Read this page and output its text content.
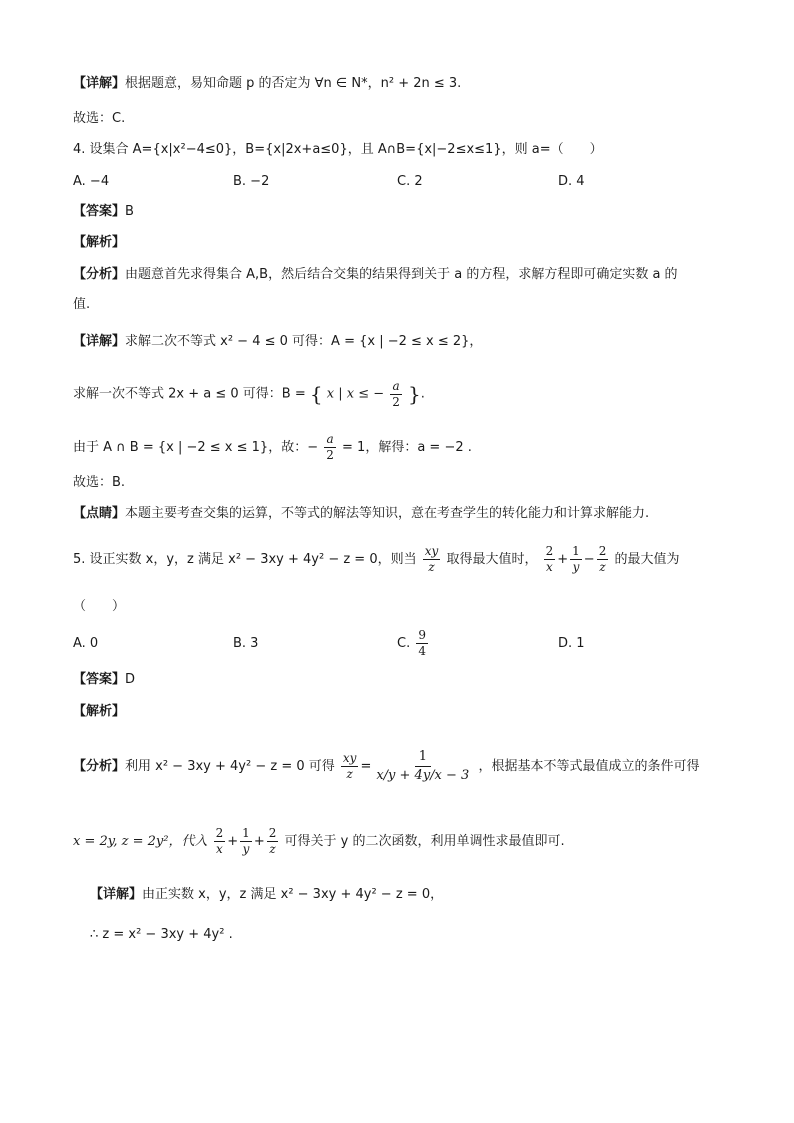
【详解】根据题意，易知命题 p 的否定为 ∀n ∈ N*，n² + 2n ≤ 3.
故选：C.
4. 设集合 A={x|x²−4≤0}，B={x|2x+a≤0}，且 A∩B={x|−2≤x≤1}，则 a=（　　）
A. −4	B. −2	C. 2	D. 4
【答案】B
【解析】
【分析】由题意首先求得集合 A,B，然后结合交集的结果得到关于 a 的方程，求解方程即可确定实数 a 的
值.
【详解】求解二次不等式 x² − 4 ≤ 0 可得：A = {x | −2 ≤ x ≤ 2}，
求解一次不等式 2x + a ≤ 0 可得：B = { x | x ≤ − $\frac{a}{2}$ }.
由于 A ∩ B = {x | −2 ≤ x ≤ 1}，故：− $\frac{a}{2} = 1$，解得：a = −2 .
故选：B.
【点睛】本题主要考查交集的运算，不等式的解法等知识，意在考查学生的转化能力和计算求解能力.
5. 设正实数 x，y，z 满足 x² − 3xy + 4y² − z = 0，则当 $\frac{xy}{z}$ 取得最大值时， $\frac{2}{x} + \frac{1}{y} - \frac{2}{z}$ 的最大值为
（　　）
A. 0	B. 3	C. $\frac{9}{4}$	D. 1
【答案】D
【解析】
【分析】利用 x² − 3xy + 4y² − z = 0 可得 $\frac{xy}{z} = \frac{1}{x/y + 4y/x - 3}$ ，根据基本不等式最值成立的条件可得
x = 2y, z = 2y²，代入 $\frac{2}{x} + \frac{1}{y} + \frac{2}{z}$ 可得关于 y 的二次函数，利用单调性求最值即可.
【详解】由正实数 x，y，z 满足 x² − 3xy + 4y² − z = 0，
∴ z = x² − 3xy + 4y² .
